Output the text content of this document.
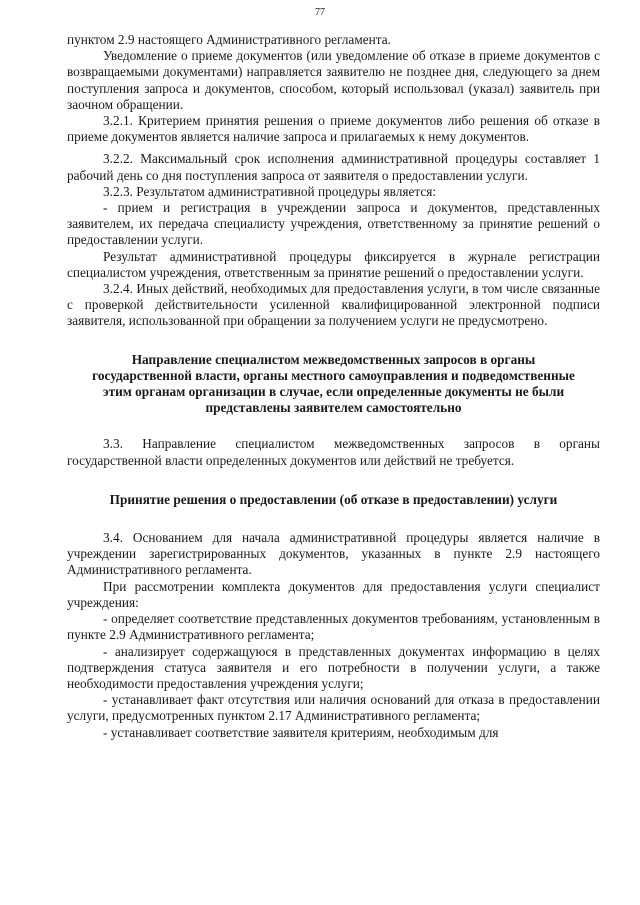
77

пунктом 2.9 настоящего Административного регламента.

Уведомление о приеме документов (или уведомление об отказе в приеме документов с возвращаемыми документами) направляется заявителю не позднее дня, следующего за днем поступления запроса и документов, способом, который использовал (указал) заявитель при заочном обращении.

3.2.1. Критерием принятия решения о приеме документов либо решения об отказе в приеме документов является наличие запроса и прилагаемых к нему документов.

3.2.2. Максимальный срок исполнения административной процедуры составляет 1 рабочий день со дня поступления запроса от заявителя о предоставлении услуги.

3.2.3. Результатом административной процедуры является:

- прием и регистрация в учреждении запроса и документов, представленных заявителем, их передача специалисту учреждения, ответственному за принятие решений о предоставлении услуги.

Результат административной процедуры фиксируется в журнале регистрации специалистом учреждения, ответственным за принятие решений о предоставлении услуги.

3.2.4. Иных действий, необходимых для предоставления услуги, в том числе связанные с проверкой действительности усиленной квалифицированной электронной подписи заявителя, использованной при обращении за получением услуги не предусмотрено.

Направление специалистом межведомственных запросов в органы государственной власти, органы местного самоуправления и подведомственные этим органам организации в случае, если определенные документы не были представлены заявителем самостоятельно

3.3. Направление специалистом межведомственных запросов в органы государственной власти определенных документов или действий не требуется.

Принятие решения о предоставлении (об отказе в предоставлении) услуги

3.4. Основанием для начала административной процедуры является наличие в учреждении зарегистрированных документов, указанных в пункте 2.9 настоящего Административного регламента.

При рассмотрении комплекта документов для предоставления услуги специалист учреждения:

- определяет соответствие представленных документов требованиям, установленным в пункте 2.9 Административного регламента;

- анализирует содержащуюся в представленных документах информацию в целях подтверждения статуса заявителя и его потребности в получении услуги, а также необходимости предоставления учреждения услуги;

- устанавливает факт отсутствия или наличия оснований для отказа в предоставлении услуги, предусмотренных пунктом 2.17 Административного регламента;

- устанавливает соответствие заявителя критериям, необходимым для
